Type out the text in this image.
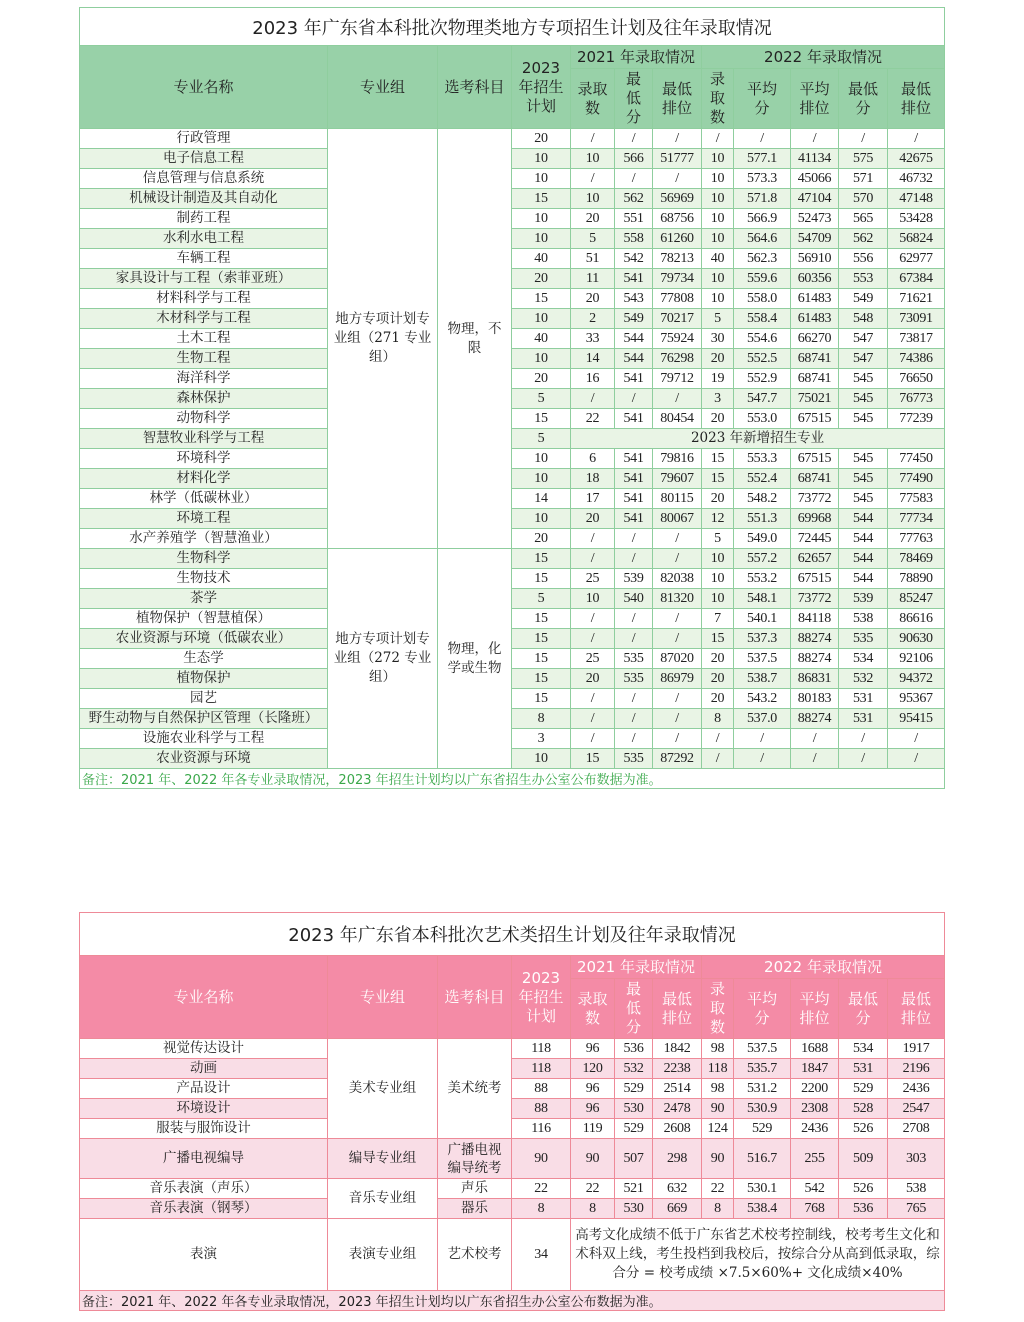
2023 年广东省本科批次物理类地方专项招生计划及往年录取情况											
专业名称	专业组	选考科目	2023年招生计划	2021 年录取情况			2022 年录取情况				
				录取数	最低分	最低排位	录取数	平均分	平均排位	最低分	最低排位
行政管理	地方专项计划专业组（271 专业组）	物理，不限	20	/	/	/	/	/	/	/	/
电子信息工程			10	10	566	51777	10	577.1	41134	575	42675
信息管理与信息系统			10	/	/	/	10	573.3	45066	571	46732
机械设计制造及其自动化			15	10	562	56969	10	571.8	47104	570	47148
制药工程			10	20	551	68756	10	566.9	52473	565	53428
水利水电工程			10	5	558	61260	10	564.6	54709	562	56824
车辆工程			40	51	542	78213	40	562.3	56910	556	62977
家具设计与工程（索菲亚班）			20	11	541	79734	10	559.6	60356	553	67384
材料科学与工程			15	20	543	77808	10	558.0	61483	549	71621
木材科学与工程			10	2	549	70217	5	558.4	61483	548	73091
土木工程			40	33	544	75924	30	554.6	66270	547	73817
生物工程			10	14	544	76298	20	552.5	68741	547	74386
海洋科学			20	16	541	79712	19	552.9	68741	545	76650
森林保护			5	/	/	/	3	547.7	75021	545	76773
动物科学			15	22	541	80454	20	553.0	67515	545	77239
智慧牧业科学与工程			5	2023 年新增招生专业							
环境科学			10	6	541	79816	15	553.3	67515	545	77450
材料化学			10	18	541	79607	15	552.4	68741	545	77490
林学（低碳林业）			14	17	541	80115	20	548.2	73772	545	77583
环境工程			10	20	541	80067	12	551.3	69968	544	77734
水产养殖学（智慧渔业）			20	/	/	/	5	549.0	72445	544	77763
生物科学	地方专项计划专业组（272 专业组）	物理，化学或生物	15	/	/	/	10	557.2	62657	544	78469
生物技术			15	25	539	82038	10	553.2	67515	544	78890
茶学			5	10	540	81320	10	548.1	73772	539	85247
植物保护（智慧植保）			15	/	/	/	7	540.1	84118	538	86616
农业资源与环境（低碳农业）			15	/	/	/	15	537.3	88274	535	90630
生态学			15	25	535	87020	20	537.5	88274	534	92106
植物保护			15	20	535	86979	20	538.7	86831	532	94372
园艺			15	/	/	/	20	543.2	80183	531	95367
野生动物与自然保护区管理（长隆班）			8	/	/	/	8	537.0	88274	531	95415
设施农业科学与工程			3	/	/	/	/	/	/	/	/
农业资源与环境			10	15	535	87292	/	/	/	/	/
备注：2021 年、2022 年各专业录取情况，2023 年招生计划均以广东省招生办公室公布数据为准。											
2023 年广东省本科批次艺术类招生计划及往年录取情况											
专业名称	专业组	选考科目	2023年招生计划	2021 年录取情况			2022 年录取情况				
				录取数	最低分	最低排位	录取数	平均分	平均排位	最低分	最低排位
视觉传达设计	美术专业组	美术统考	118	96	536	1842	98	537.5	1688	534	1917
动画			118	120	532	2238	118	535.7	1847	531	2196
产品设计			88	96	529	2514	98	531.2	2200	529	2436
环境设计			88	96	530	2478	90	530.9	2308	528	2547
服装与服饰设计			116	119	529	2608	124	529	2436	526	2708
广播电视编导	编导专业组	广播电视编导统考	90	90	507	298	90	516.7	255	509	303
音乐表演（声乐）	音乐专业组	声乐	22	22	521	632	22	530.1	542	526	538
音乐表演（钢琴）		器乐	8	8	530	669	8	538.4	768	536	765
表演	表演专业组	艺术校考	34	高考文化成绩不低于广东省艺术校考控制线，校考考生文化和术科双上线，考生投档到我校后，按综合分从高到低录取，综合分 = 校考成绩 ×7.5×60%+ 文化成绩×40%							
备注：2021 年、2022 年各专业录取情况，2023 年招生计划均以广东省招生办公室公布数据为准。											
